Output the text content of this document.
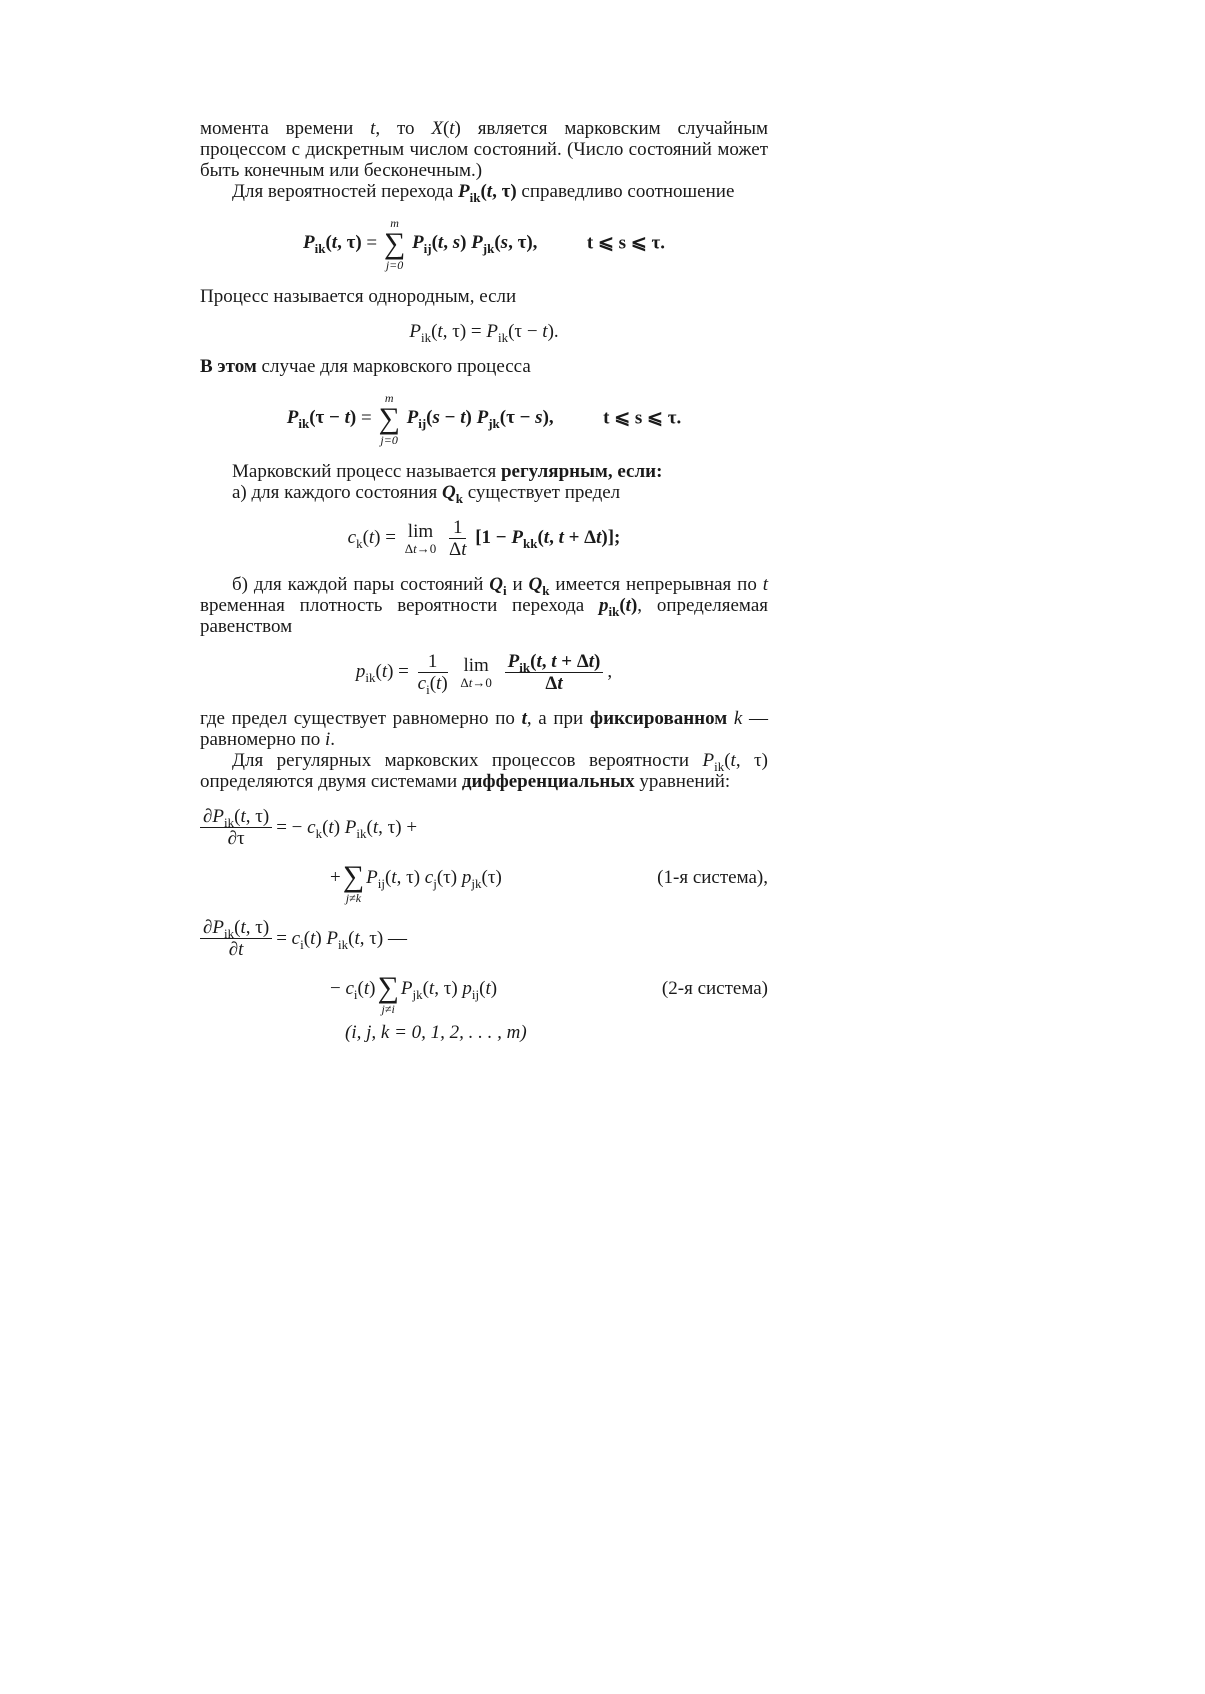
момента времени t, то X(t) является марковским случайным процессом с дискретным числом состояний. (Число состояний может быть конечным или бесконечным.)

Для вероятностей перехода $P_{ik}(t$, τ) справедливо соотношение

$P_{ik}(t$, τ) =
m
∑
j=0
$P_{ij}(t$, s) $P_{jk}(s$, τ),	t ⩽ s ⩽ τ.

Процесс называется однородным, если

$P_{ik}(t$, $\tau) = P_{ik}(\tau - t)$.

В этом случае для марковского процесса

$P_{ik}(\tau - t)$ =
m
∑
j=0
$P_{ij}(s - t) P_{jk}(\tau - s)$,	t ⩽ s ⩽ τ.

Марковский процесс называется регулярным, если:

а) для каждого состояния $Q_k$ существует предел

$c_k(t) = \lim$
Δt→0
$\frac{1}{\Delta t} [1 - P_{kk}(t$, t + Δt)];

б) для каждой пары состояний $Q_i$ и $Q_k$ имеется непрерывная по t временная плотность вероятности перехода $p_{ik}(t)$, определяемая равенством

$p_{ik}(t) = \frac{1}{c_i(t)}$
lim
Δt→0
$\frac{P_{ik}(t, t + \Delta t)}{\Delta t}$ ,

где предел существует равномерно по t, а при фиксированном k — равномерно по i.

Для регулярных марковских процессов вероятности $P_{ik}(t$, τ) определяются двумя системами дифференциальных уравнений:

$\frac{\partial P_{ik}(t, \tau)}{\partial\tau}$ = − $c_k(t)$ $P_{ik}(t$, τ) +
+
∑
j≠k
$P_{ij}(t$, τ) $c_j(\tau)$ $p_{jk}(\tau)$	(1-я система),
$\frac{\partial P_{ik}(t, \tau)}{\partial t} = c_i(t)$ $P_{ik}(t$, τ) —
− $c_i(t)$
∑
j≠i
$P_{jk}(t$, τ) $p_{ij}(t)$	(2-я система)
(i, j, k = 0, 1, 2, . . . , m)
